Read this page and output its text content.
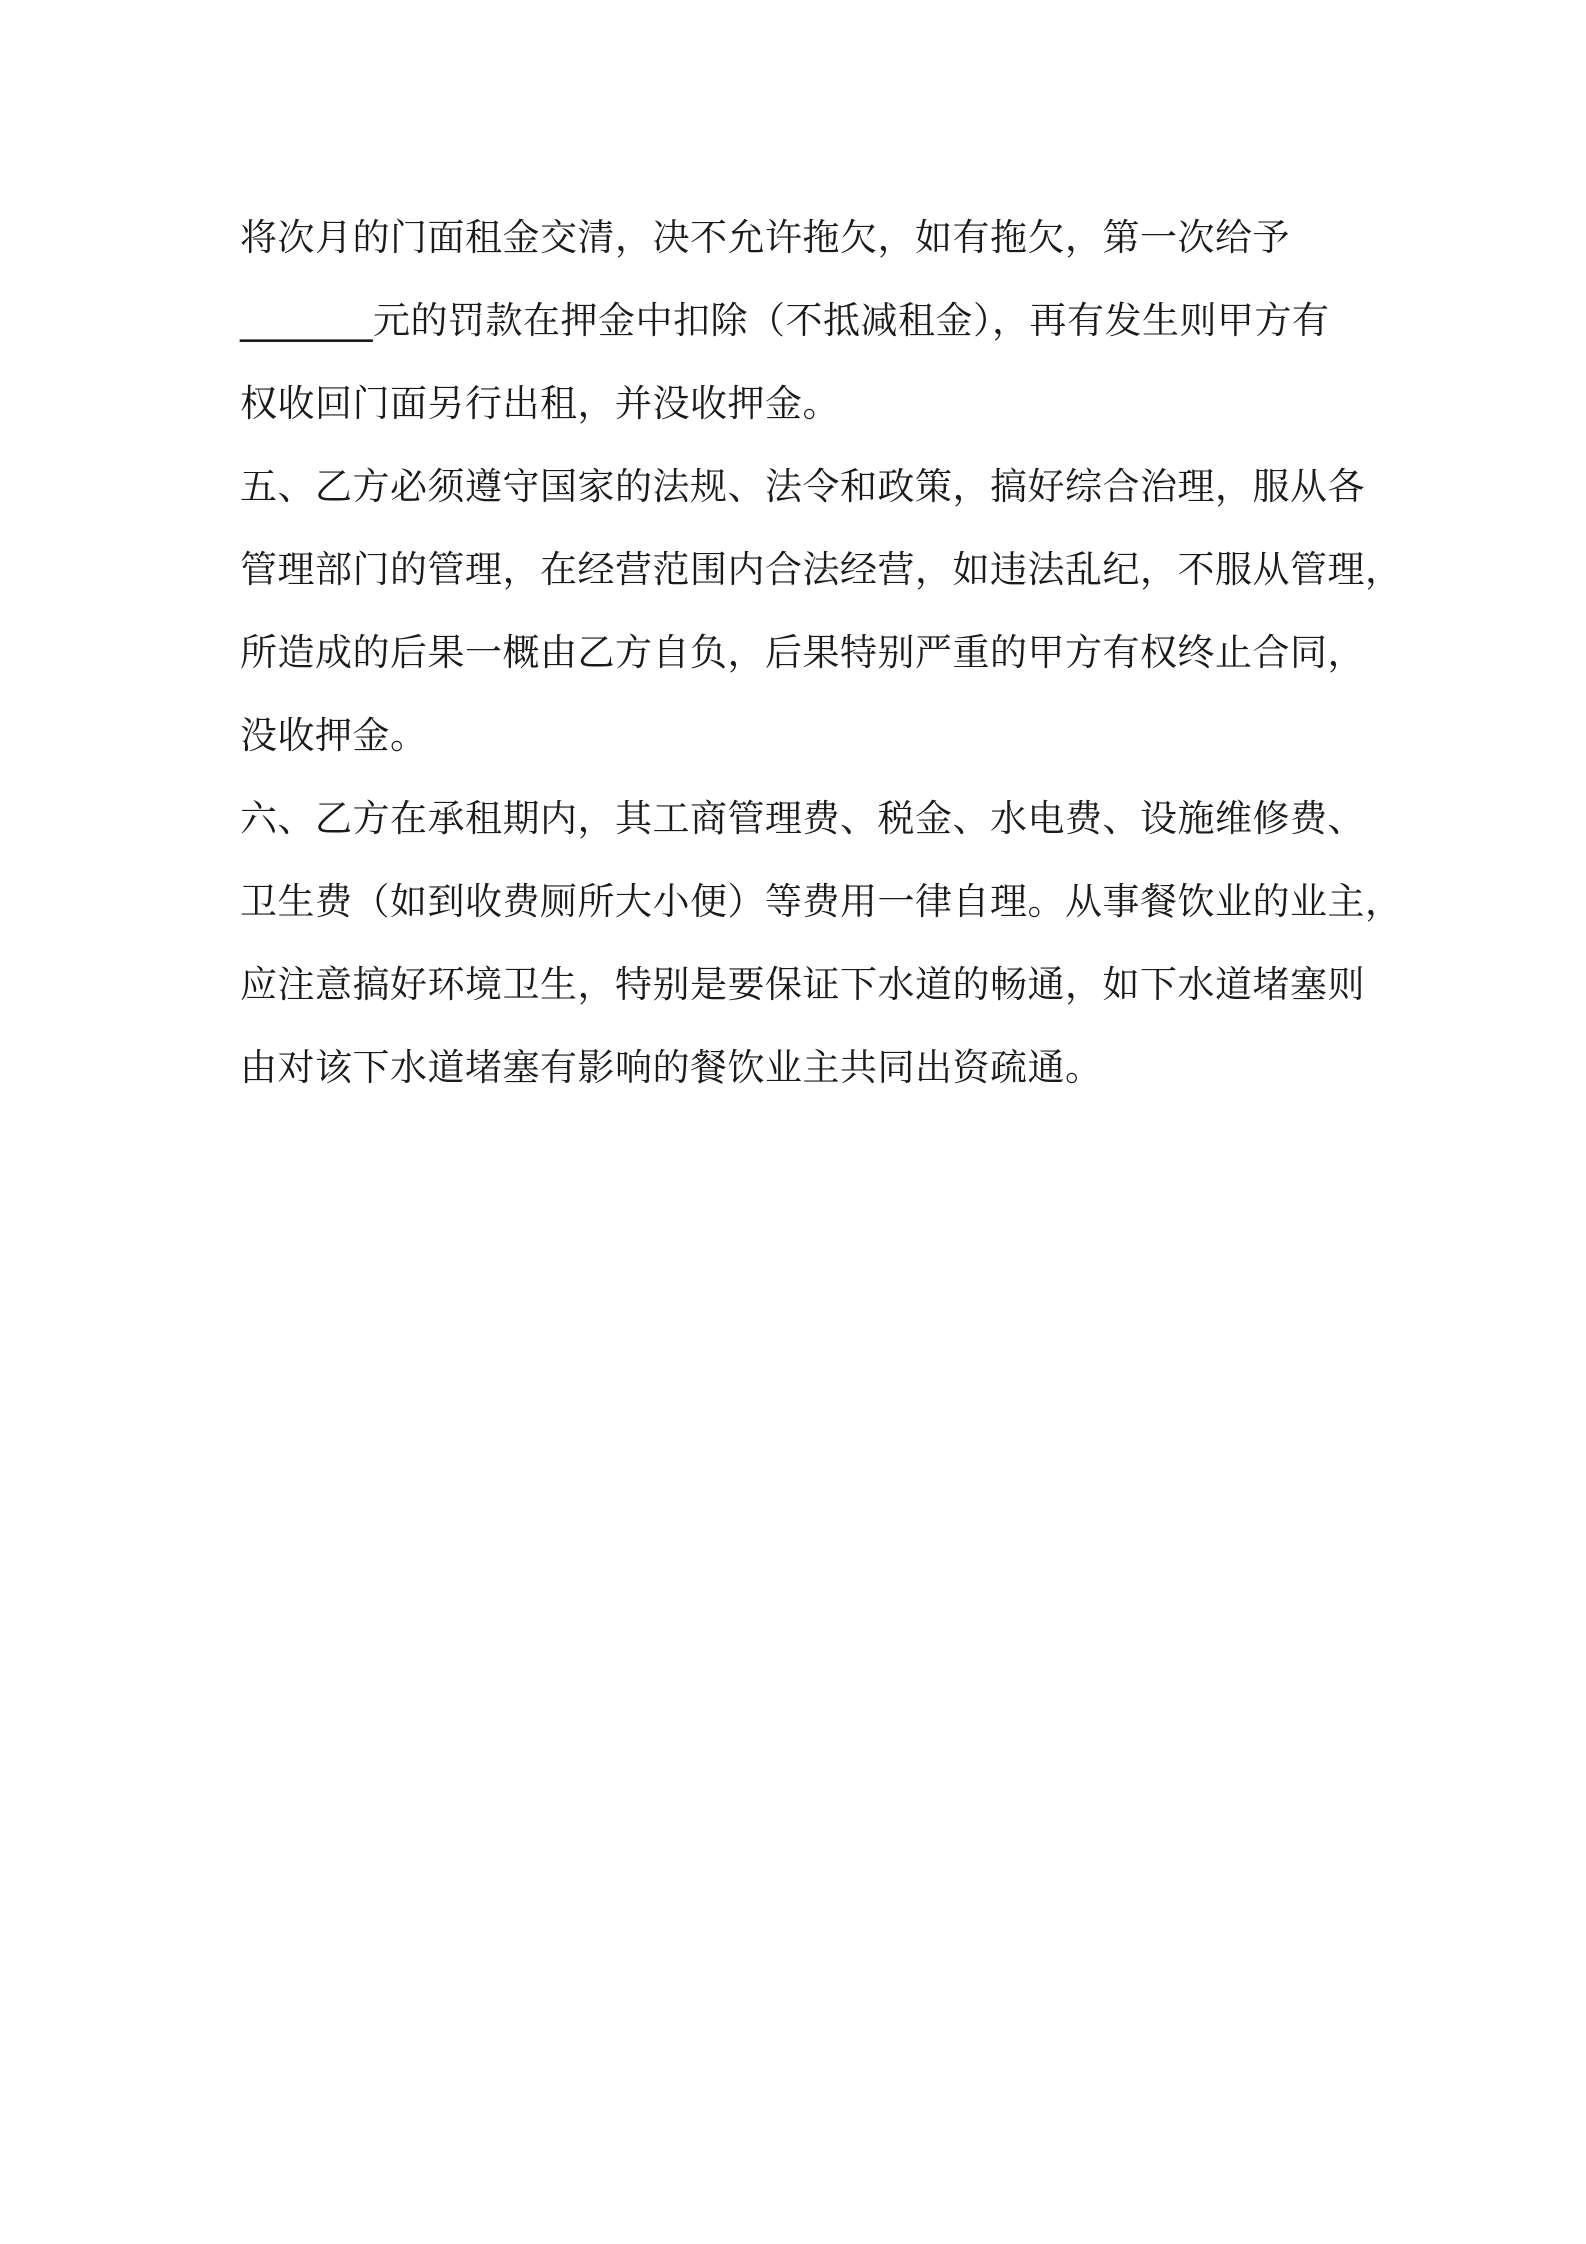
将次月的门面租金交清，决不允许拖欠，如有拖欠，第一次给予
_______元的罚款在押金中扣除（不抵减租金），再有发生则甲方有
权收回门面另行出租，并没收押金。
五、乙方必须遵守国家的法规、法令和政策，搞好综合治理，服从各
管理部门的管理，在经营范围内合法经营，如违法乱纪，不服从管理，
所造成的后果一概由乙方自负，后果特别严重的甲方有权终止合同，
没收押金。
六、乙方在承租期内，其工商管理费、税金、水电费、设施维修费、
卫生费（如到收费厕所大小便）等费用一律自理。从事餐饮业的业主，
应注意搞好环境卫生，特别是要保证下水道的畅通，如下水道堵塞则
由对该下水道堵塞有影响的餐饮业主共同出资疏通。
